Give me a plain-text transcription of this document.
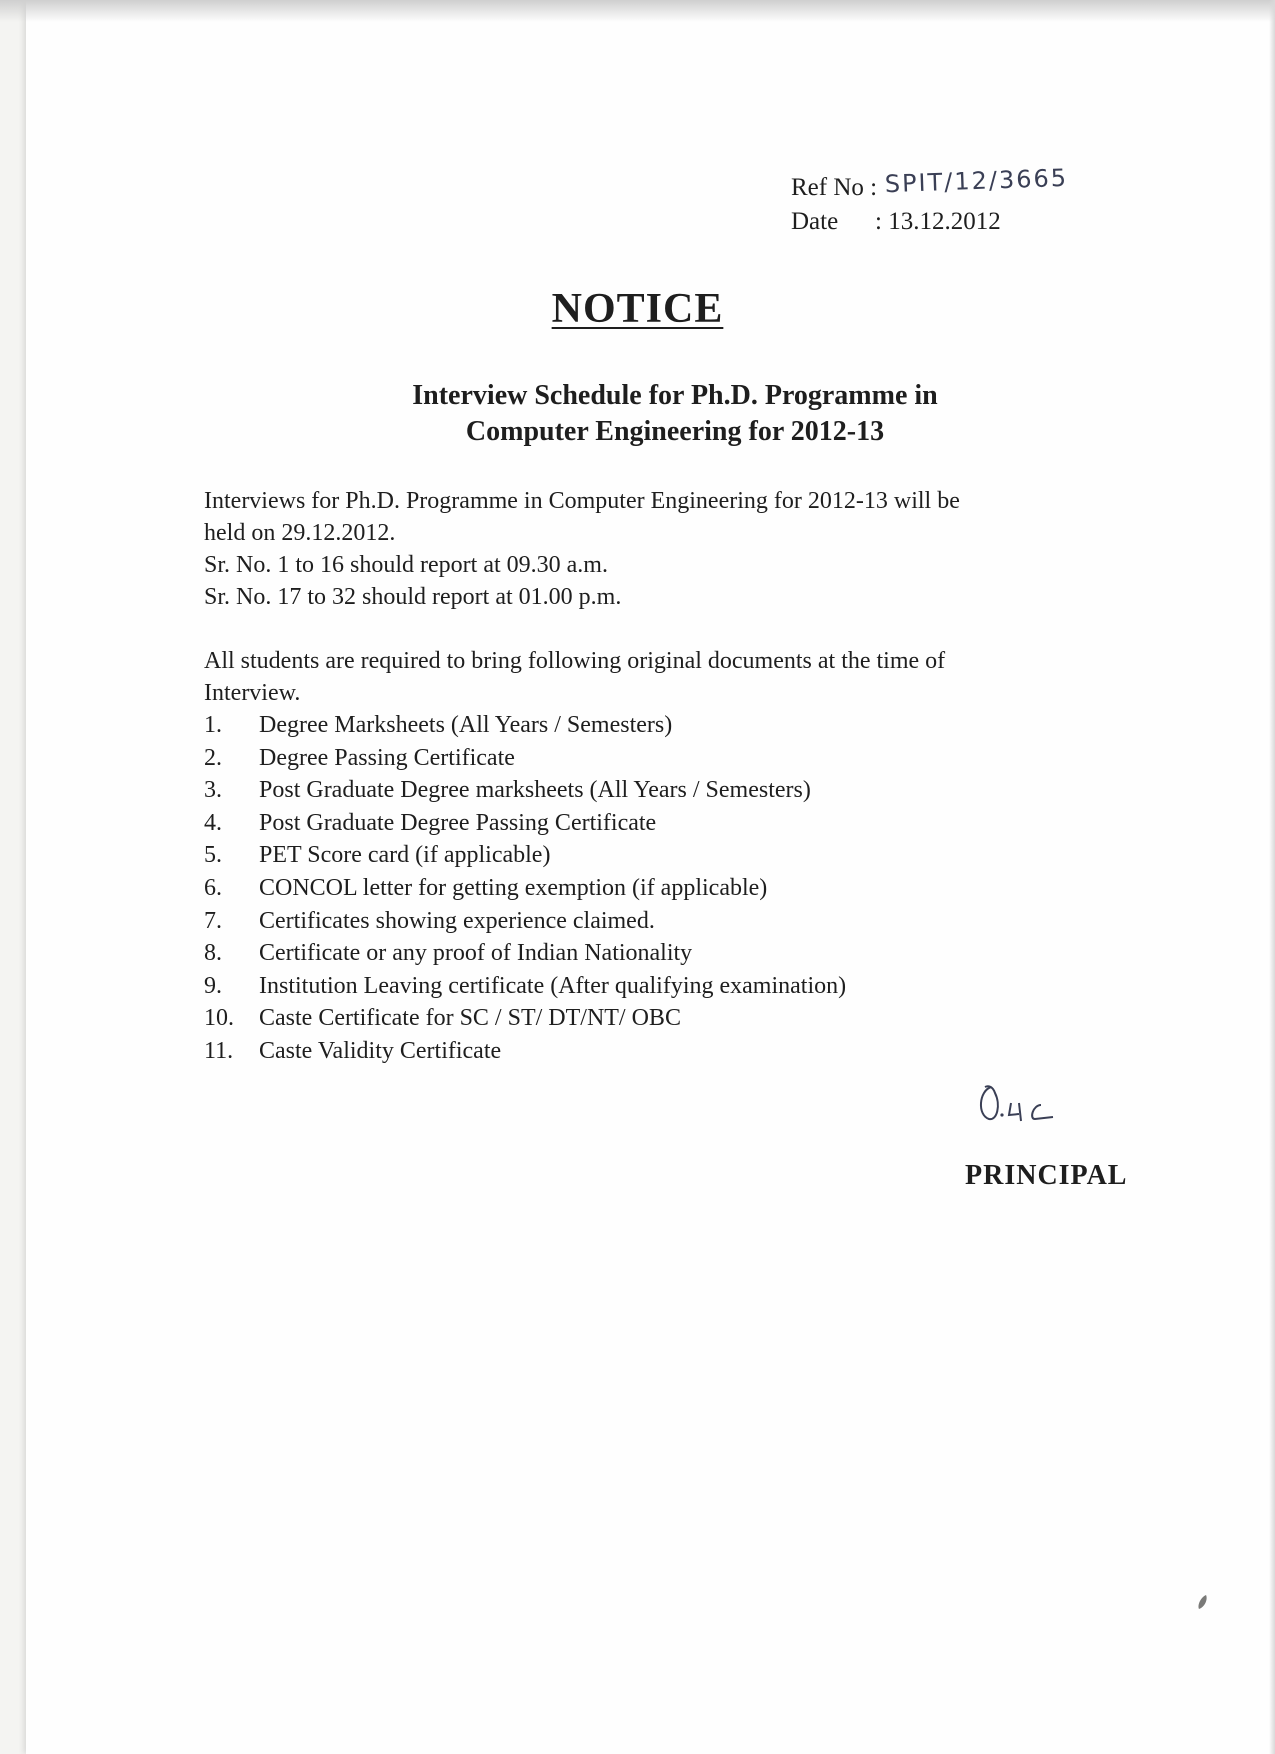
Ref No : SPIT/12/3665
Date	: 13.12.2012
NOTICE
Interview Schedule for Ph.D. Programme in
Computer Engineering for 2012-13
Interviews for Ph.D. Programme in Computer Engineering for 2012-13 will be
held on 29.12.2012.
Sr. No. 1 to 16 should report at 09.30 a.m.
Sr. No. 17 to 32 should report at 01.00 p.m.
All students are required to bring following original documents at the time of
Interview.
1.	Degree Marksheets (All Years / Semesters)
2.	Degree Passing Certificate
3.	Post Graduate Degree marksheets (All Years / Semesters)
4.	Post Graduate Degree Passing Certificate
5.	PET Score card (if applicable)
6.	CONCOL letter for getting exemption (if applicable)
7.	Certificates showing experience claimed.
8.	Certificate or any proof of Indian Nationality
9.	Institution Leaving certificate (After qualifying examination)
10.	Caste Certificate for SC / ST/ DT/NT/ OBC
11.	Caste Validity Certificate
PRINCIPAL
